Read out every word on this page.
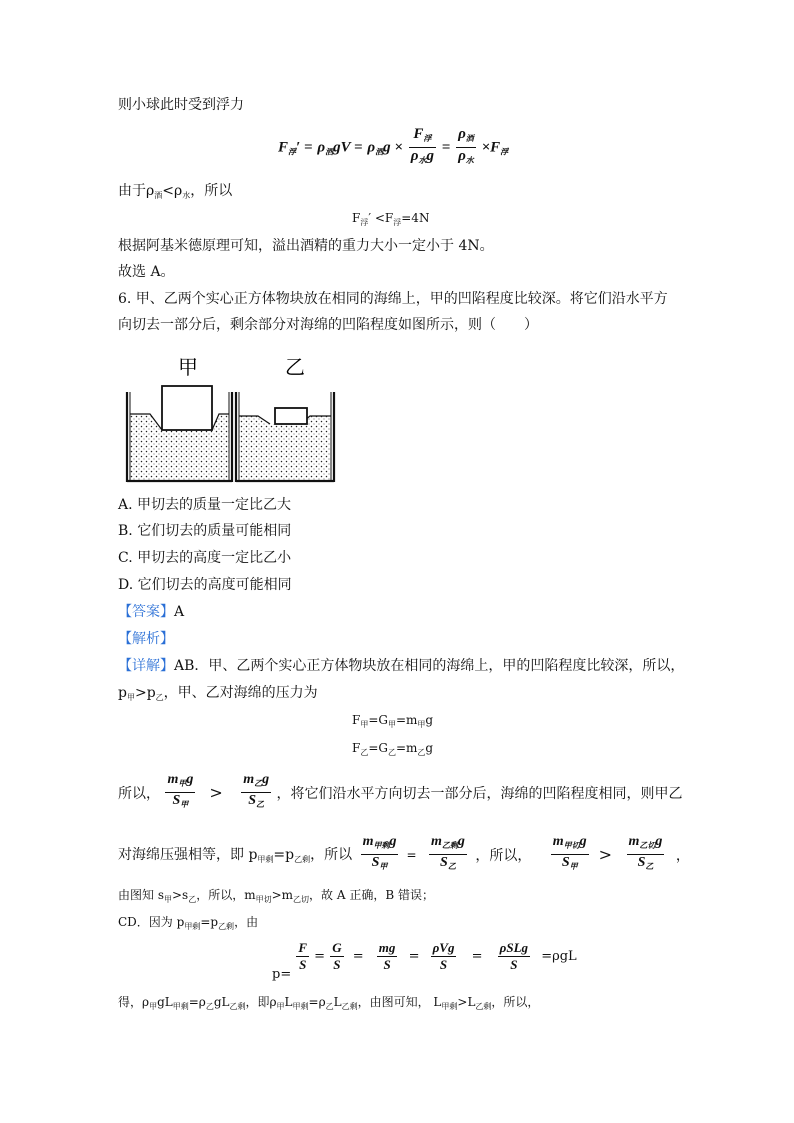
则小球此时受到浮力
$F_浮' = \rho_酒gV = \rho_酒g \times \frac{F_浮}{\rho_水g} = \frac{\rho_酒}{\rho_水} \times F_浮$
由于$\rho_酒<\rho_水$，所以
$F_浮' <F_浮=4N$
根据阿基米德原理可知，溢出酒精的重力大小一定小于 4N。
故选 A。
6. 甲、乙两个实心正方体物块放在相同的海绵上，甲的凹陷程度比较深。将它们沿水平方
向切去一部分后，剩余部分对海绵的凹陷程度如图所示，则（　　）
甲	乙
A. 甲切去的质量一定比乙大
B. 它们切去的质量可能相同
C. 甲切去的高度一定比乙小
D. 它们切去的高度可能相同
【答案】A
【解析】
【详解】AB．甲、乙两个实心正方体物块放在相同的海绵上，甲的凹陷程度比较深，所以，
$p_甲>p_乙$，甲、乙对海绵的压力为
$F_甲=G_甲=m_甲g$
$F_乙=G_乙=m_乙g$
所以， $\frac{m_甲g}{S_甲} > \frac{m_乙g}{S_乙}$ ，将它们沿水平方向切去一部分后，海绵的凹陷程度相同，则甲乙
对海绵压强相等，即 $p_{甲剩}=p_{乙剩}$，所以 $\frac{m_{甲剩}g}{S_甲} = \frac{m_{乙剩}g}{S_乙}$ ，所以， $\frac{m_{甲切}g}{S_甲} > \frac{m_{乙切}g}{S_乙}$ ，
由图知 $s_甲>s_乙$，所以，$m_{甲切}>m_{乙切}$，故 A 正确，B 错误；
CD．因为 $p_{甲剩}=p_{乙剩}$，由
p=
$\frac{F}{S} = \frac{G}{S} = \frac{mg}{S} = \frac{\text{ρVg}}{S} = \frac{\text{ρSLg}}{S} =\rho gL$
得，$\rho_甲gL_{甲剩}=\rho_乙gL_{乙剩}$，即$\rho_甲L_{甲剩}=\rho_乙L_{乙剩}$，由图可知， $L_{甲剩}>L_{乙剩}$，所以，
